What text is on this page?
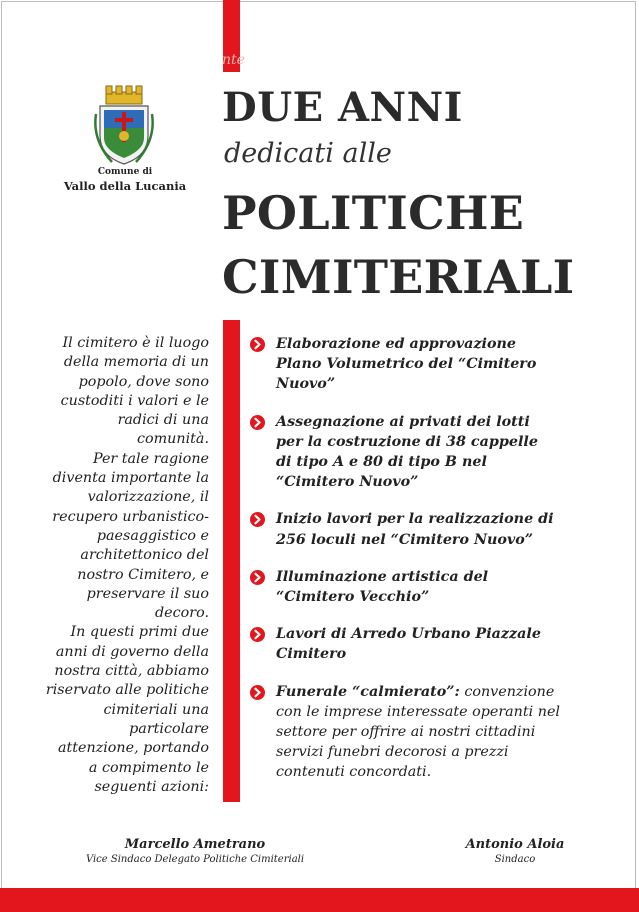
nte
Comune di
Vallo della Lucania
DUE ANNI
dedicati alle
POLITICHE
CIMITERIALI
Il cimitero è il luogo
della memoria di un
popolo, dove sono
custoditi i valori e le
radici di una
comunità.
Per tale ragione
diventa importante la
valorizzazione, il
recupero urbanistico-
paesaggistico e
architettonico del
nostro Cimitero, e
preservare il suo
decoro.
In questi primi due
anni di governo della
nostra città, abbiamo
riservato alle politiche
cimiteriali una
particolare
attenzione, portando
a compimento le
seguenti azioni:
Elaborazione ed approvazione
Plano Volumetrico del “Cimitero
Nuovo”
Assegnazione ai privati dei lotti
per la costruzione di 38 cappelle
di tipo A e 80 di tipo B nel
“Cimitero Nuovo”
Inizio lavori per la realizzazione di
256 loculi nel “Cimitero Nuovo”
Illuminazione artistica del
“Cimitero Vecchio”
Lavori di Arredo Urbano Piazzale
Cimitero
Funerale “calmierato”: convenzione
con le imprese interessate operanti nel
settore per offrire ai nostri cittadini
servizi funebri decorosi a prezzi
contenuti concordati.
Marcello Ametrano
Vice Sindaco Delegato Politiche Cimiteriali
Antonio Aloia
Sindaco
